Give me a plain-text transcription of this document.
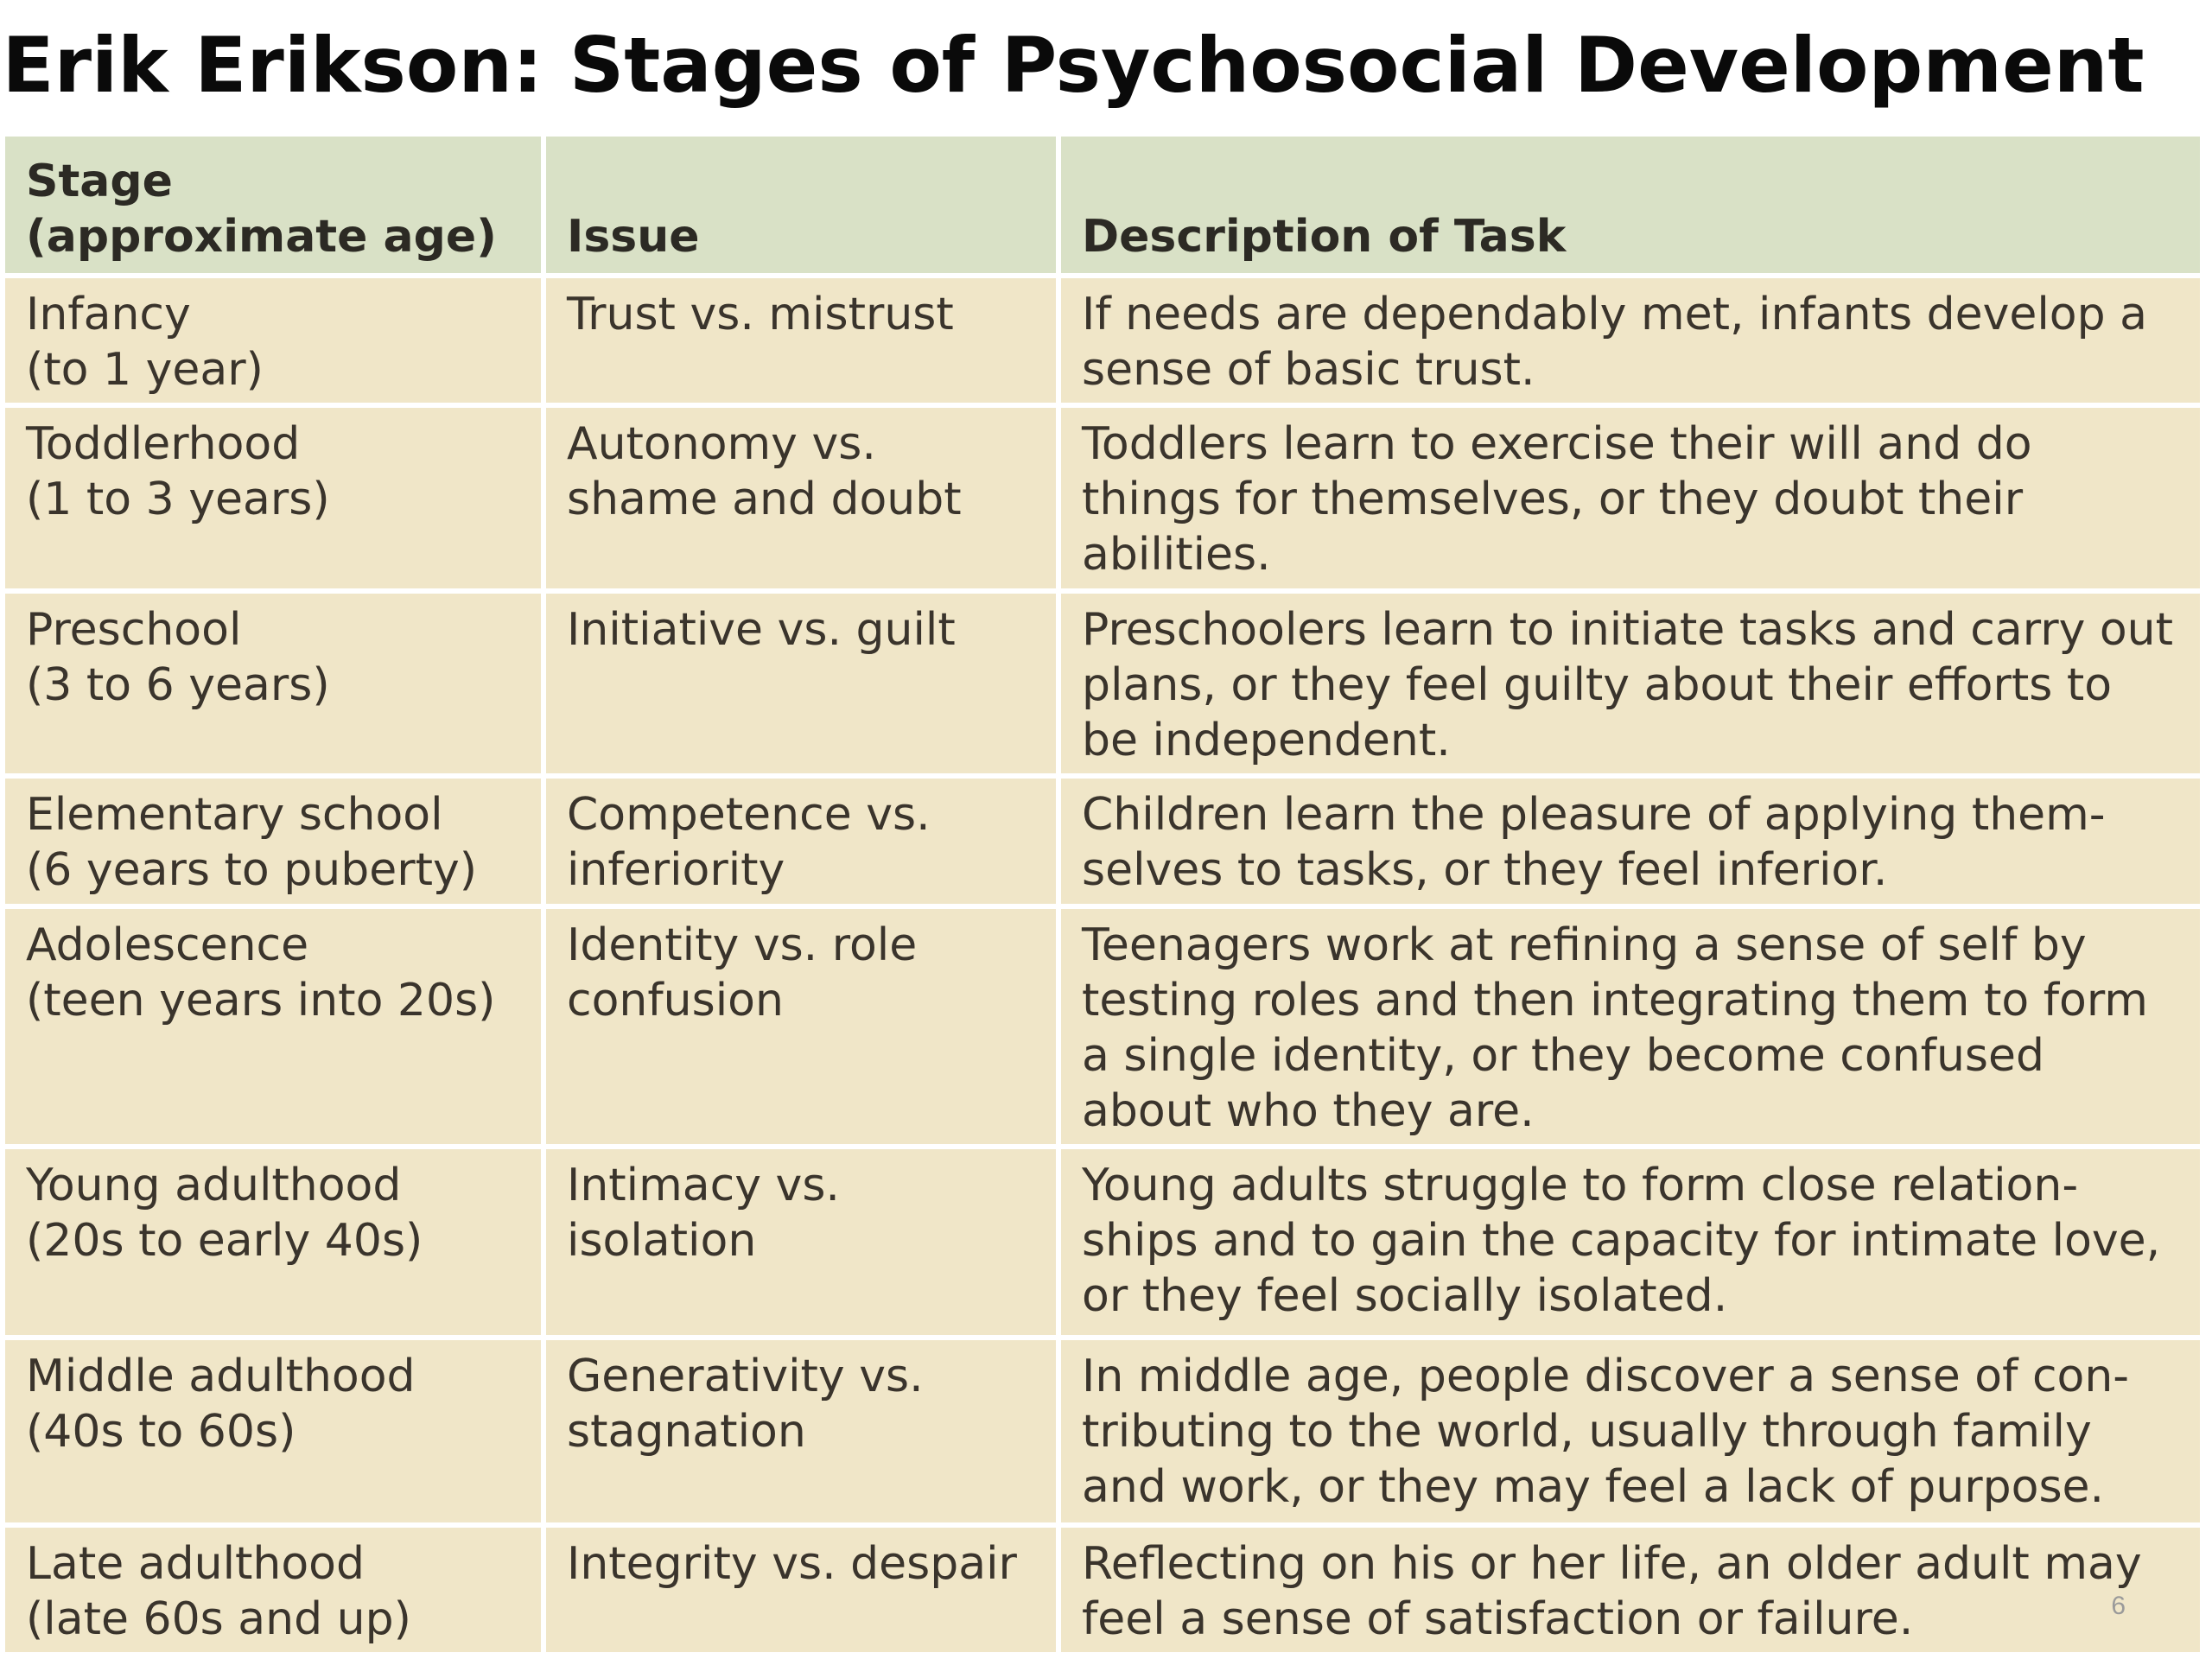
Erik Erikson: Stages of Psychosocial Development
Stage
(approximate age)	Issue	Description of Task
Infancy
(to 1 year)	Trust vs. mistrust	If needs are dependably met, infants develop a sense of basic trust.
Toddlerhood
(1 to 3 years)	Autonomy vs. shame and doubt	Toddlers learn to exercise their will and do things for themselves, or they doubt their abilities.
Preschool
(3 to 6 years)	Initiative vs. guilt	Preschoolers learn to initiate tasks and carry out plans, or they feel guilty about their efforts to be independent.
Elementary school
(6 years to puberty)	Competence vs. inferiority	Children learn the pleasure of applying them-selves to tasks, or they feel inferior.
Adolescence
(teen years into 20s)	Identity vs. role confusion	Teenagers work at refining a sense of self by testing roles and then integrating them to form a single identity, or they become confused about who they are.
Young adulthood
(20s to early 40s)	Intimacy vs. isolation	Young adults struggle to form close relation-ships and to gain the capacity for intimate love, or they feel socially isolated.
Middle adulthood
(40s to 60s)	Generativity vs. stagnation	In middle age, people discover a sense of con-tributing to the world, usually through family and work, or they may feel a lack of purpose.
Late adulthood
(late 60s and up)	Integrity vs. despair	Reflecting on his or her life, an older adult may feel a sense of satisfaction or failure.	6
